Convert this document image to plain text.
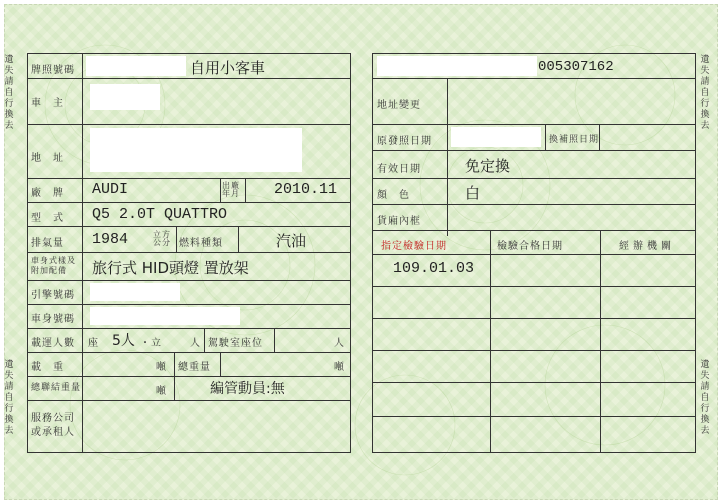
遺失請自行換去
遺失請自行換去
遺失請自行換去
遺失請自行換去
牌照號碼	自用小客車
車　主
地　址
廠　牌 AUDI	出廠年月 2010.11
型　式 Q5 2.0T QUATTRO
排氣量 1984	立方公分 燃料種類	汽油
車身式樣及附加配備	旅行式 HID頭燈 置放架
引擎號碼
車身號碼
載運人數 座 5人 ・立	人 駕駛室座位	人
載　重	噸 總重量	噸
總聯結重量	噸	編管動員:無
服務公司或承租人
005307162
地址變更
原發照日期	換補照日期
有效日期	免定換
顏　色	白
貨廂內框
指定檢驗日期	檢驗合格日期	經辦機關
109.01.03
